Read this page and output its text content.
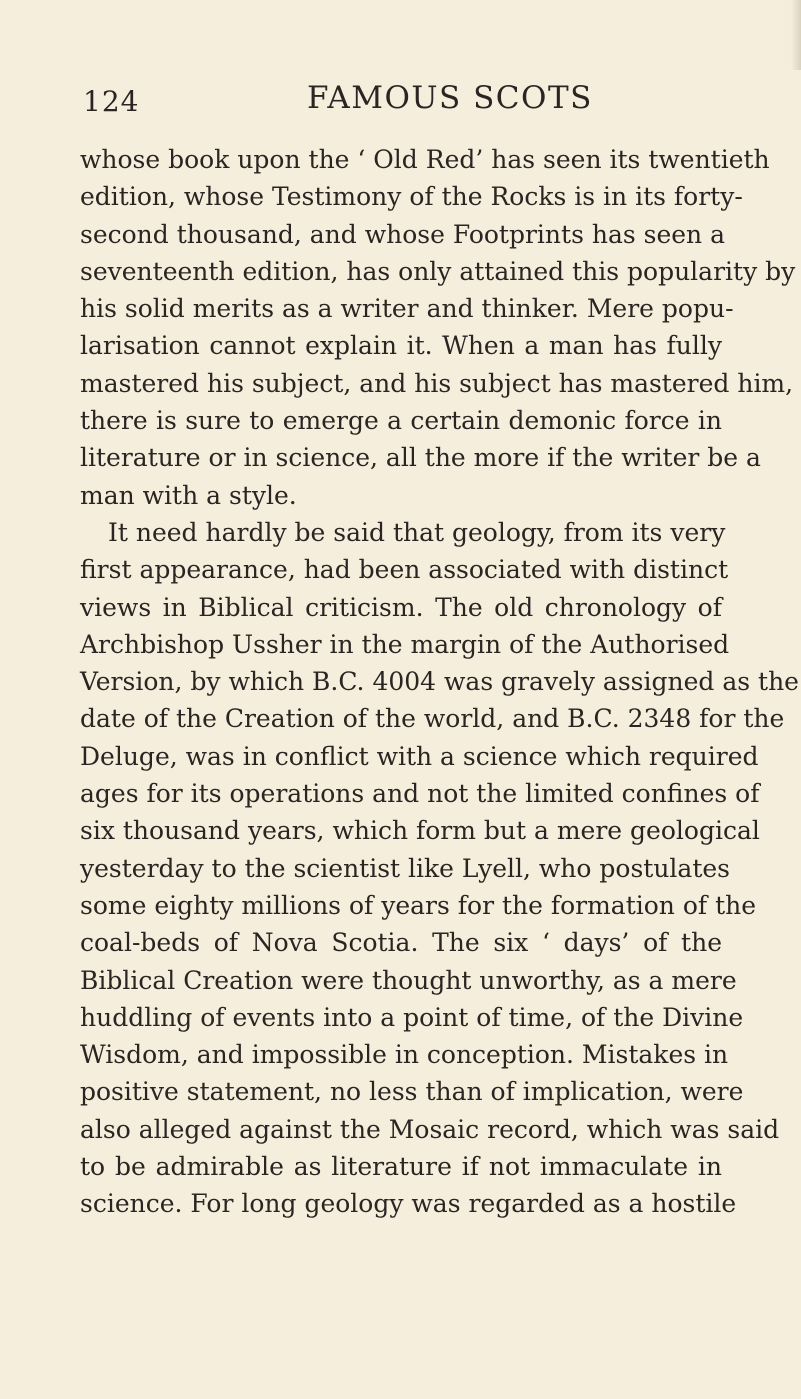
124	FAMOUS SCOTS
whose book upon the ‘ Old Red’ has seen its twentieth
edition, whose Testimony of the Rocks is in its forty-
second thousand, and whose Footprints has seen a
seventeenth edition, has only attained this popularity by
his solid merits as a writer and thinker. Mere popu-
larisation cannot explain it. When a man has fully
mastered his subject, and his subject has mastered him,
there is sure to emerge a certain demonic force in
literature or in science, all the more if the writer be a
man with a style.
It need hardly be said that geology, from its very
first appearance, had been associated with distinct
views in Biblical criticism. The old chronology of
Archbishop Ussher in the margin of the Authorised
Version, by which B.C. 4004 was gravely assigned as the
date of the Creation of the world, and B.C. 2348 for the
Deluge, was in conflict with a science which required
ages for its operations and not the limited confines of
six thousand years, which form but a mere geological
yesterday to the scientist like Lyell, who postulates
some eighty millions of years for the formation of the
coal-beds of Nova Scotia. The six ‘ days’ of the
Biblical Creation were thought unworthy, as a mere
huddling of events into a point of time, of the Divine
Wisdom, and impossible in conception. Mistakes in
positive statement, no less than of implication, were
also alleged against the Mosaic record, which was said
to be admirable as literature if not immaculate in
science. For long geology was regarded as a hostile
